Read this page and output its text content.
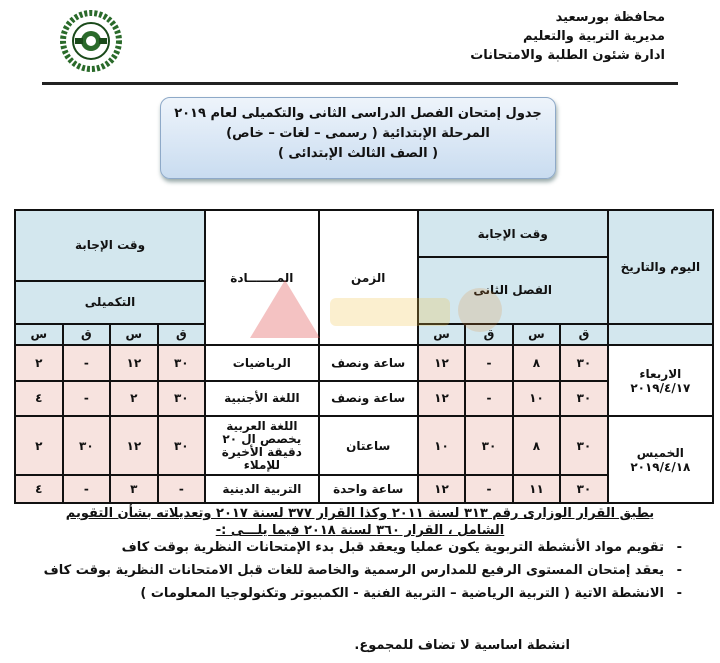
محافظة بورسعيد
مديرية التربية والتعليم
ادارة شئون الطلبة والامتحانات
جدول إمتحان الفصل الدراسى الثانى والتكميلى لعام ٢٠١٩
المرحلة الإبتدائية ( رسمى – لغات – خاص)
( الصف الثالث الإبتدائى )
اليوم والتاريخ	وقت الإجابة				الزمن	المـــــــادة	وقت الإجابة			
	الفصل الثانى									
							التكميلى			
	ق	س	ق	س			ق	س	ق	س
الاربعاء ٢٠١٩/٤/١٧	٣٠	٨	-	١٢	ساعة ونصف	الرياضيات	٣٠	١٢	-	٢
	٣٠	١٠	-	١٢	ساعة ونصف	اللغة الأجنبية	٣٠	٢	-	٤
الخميس ٢٠١٩/٤/١٨	٣٠	٨	٣٠	١٠	ساعتان	اللغة العربية يخصص ال ٢٠ دقيقة الأخيرة للإملاء	٣٠	١٢	٣٠	٢
	٣٠	١١	-	١٢	ساعة واحدة	التربية الدينية	-	٣	-	٤
يطبق القرار الوزارى رقم ٣١٣ لسنة ٢٠١١ وكذا القرار ٣٧٧ لسنة ٢٠١٧ وتعديلاته بشأن التقويم الشامل ، القرار ٣٦٠ لسنة ٢٠١٨ فيما يلـــى :-
-تقويم مواد الأنشطة التربوية يكون عمليا ويعقد قبل بدء الإمتحانات النظرية بوقت كاف
-يعقد إمتحان المستوى الرفيع للمدارس الرسمية والخاصة للغات قبل الامتحانات النظرية بوقت كاف
-الانشطة الاتية ( التربية الرياضية – التربية الفنية - الكمبيوتر وتكنولوجيا المعلومات )
انشطة اساسية لا تضاف للمجموع.
